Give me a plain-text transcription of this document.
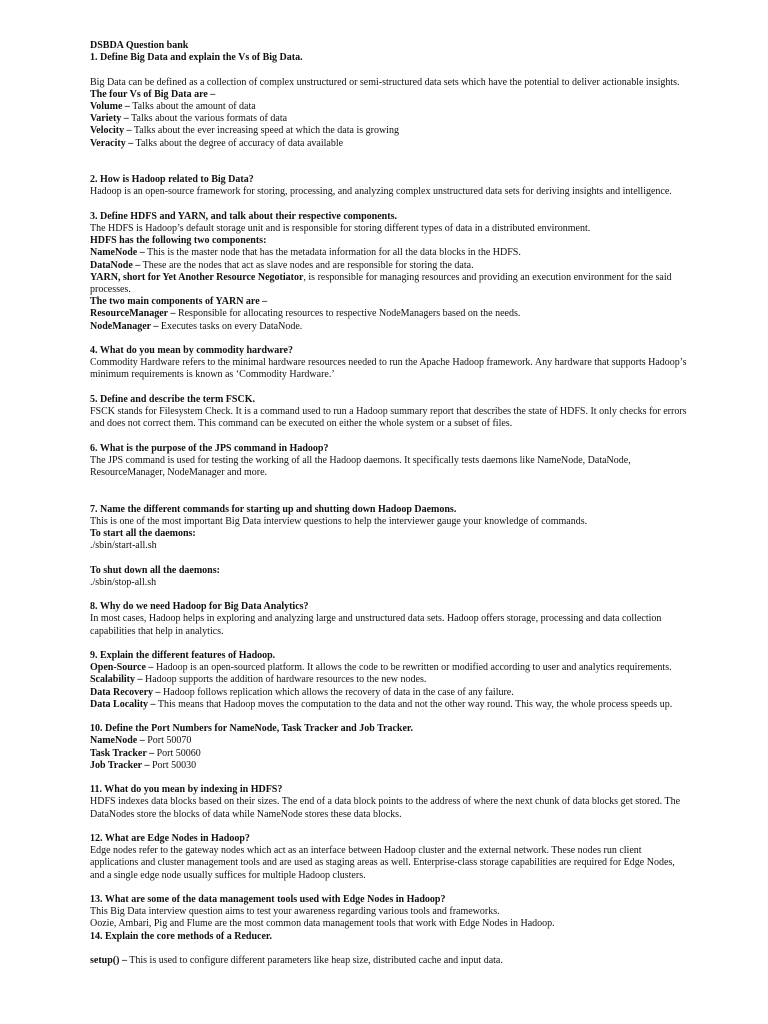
DSBDA Question bank
1. Define Big Data and explain the Vs of Big Data.
Big Data can be defined as a collection of complex unstructured or semi-structured data sets which have the potential to deliver actionable insights.
The four Vs of Big Data are –
Volume – Talks about the amount of data
Variety – Talks about the various formats of data
Velocity – Talks about the ever increasing speed at which the data is growing
Veracity – Talks about the degree of accuracy of data available
2. How is Hadoop related to Big Data?
Hadoop is an open-source framework for storing, processing, and analyzing complex unstructured data sets for deriving insights and intelligence.
3. Define HDFS and YARN, and talk about their respective components.
The HDFS is Hadoop’s default storage unit and is responsible for storing different types of data in a distributed environment.
HDFS has the following two components:
NameNode – This is the master node that has the metadata information for all the data blocks in the HDFS.
DataNode – These are the nodes that act as slave nodes and are responsible for storing the data.
YARN, short for Yet Another Resource Negotiator, is responsible for managing resources and providing an execution environment for the said processes.
The two main components of YARN are –
ResourceManager – Responsible for allocating resources to respective NodeManagers based on the needs.
NodeManager – Executes tasks on every DataNode.
4. What do you mean by commodity hardware?
Commodity Hardware refers to the minimal hardware resources needed to run the Apache Hadoop framework. Any hardware that supports Hadoop’s minimum requirements is known as ‘Commodity Hardware.’
5. Define and describe the term FSCK.
FSCK stands for Filesystem Check. It is a command used to run a Hadoop summary report that describes the state of HDFS. It only checks for errors and does not correct them. This command can be executed on either the whole system or a subset of files.
6. What is the purpose of the JPS command in Hadoop?
The JPS command is used for testing the working of all the Hadoop daemons. It specifically tests daemons like NameNode, DataNode, ResourceManager, NodeManager and more.
7. Name the different commands for starting up and shutting down Hadoop Daemons.
This is one of the most important Big Data interview questions to help the interviewer gauge your knowledge of commands.
To start all the daemons:
./sbin/start-all.sh
To shut down all the daemons:
./sbin/stop-all.sh
8. Why do we need Hadoop for Big Data Analytics?
In most cases, Hadoop helps in exploring and analyzing large and unstructured data sets. Hadoop offers storage, processing and data collection capabilities that help in analytics.
9. Explain the different features of Hadoop.
Open-Source – Hadoop is an open-sourced platform. It allows the code to be rewritten or modified according to user and analytics requirements.
Scalability – Hadoop supports the addition of hardware resources to the new nodes.
Data Recovery – Hadoop follows replication which allows the recovery of data in the case of any failure.
Data Locality – This means that Hadoop moves the computation to the data and not the other way round. This way, the whole process speeds up.
10. Define the Port Numbers for NameNode, Task Tracker and Job Tracker.
NameNode – Port 50070
Task Tracker – Port 50060
Job Tracker – Port 50030
11. What do you mean by indexing in HDFS?
HDFS indexes data blocks based on their sizes. The end of a data block points to the address of where the next chunk of data blocks get stored. The DataNodes store the blocks of data while NameNode stores these data blocks.
12. What are Edge Nodes in Hadoop?
Edge nodes refer to the gateway nodes which act as an interface between Hadoop cluster and the external network. These nodes run client applications and cluster management tools and are used as staging areas as well. Enterprise-class storage capabilities are required for Edge Nodes, and a single edge node usually suffices for multiple Hadoop clusters.
13. What are some of the data management tools used with Edge Nodes in Hadoop?
This Big Data interview question aims to test your awareness regarding various tools and frameworks.
Oozie, Ambari, Pig and Flume are the most common data management tools that work with Edge Nodes in Hadoop.
14. Explain the core methods of a Reducer.
setup() – This is used to configure different parameters like heap size, distributed cache and input data.
